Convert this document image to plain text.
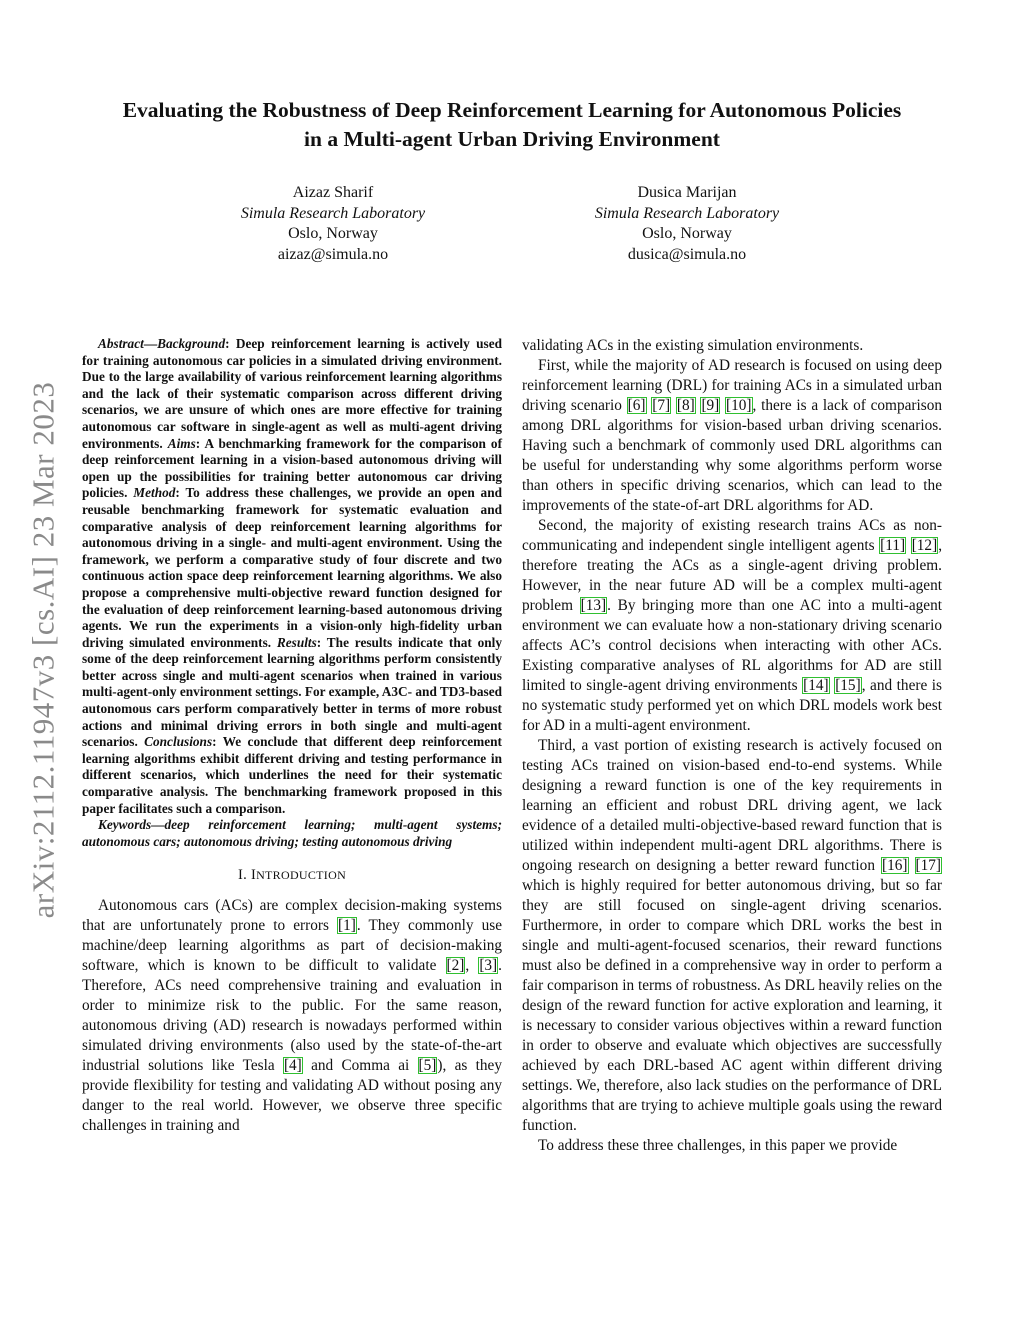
arXiv:2112.11947v3 [cs.AI] 23 Mar 2023
Evaluating the Robustness of Deep Reinforcement Learning for Autonomous Policies
in a Multi-agent Urban Driving Environment
Aizaz Sharif
Simula Research Laboratory
Oslo, Norway
aizaz@simula.no
Dusica Marijan
Simula Research Laboratory
Oslo, Norway
dusica@simula.no

Abstract—Background: Deep reinforcement learning is actively used for training autonomous car policies in a simulated driving environment. Due to the large availability of various reinforcement learning algorithms and the lack of their systematic comparison across different driving scenarios, we are unsure of which ones are more effective for training autonomous car software in single-agent as well as multi-agent driving environments. Aims: A benchmarking framework for the comparison of deep reinforcement learning in a vision-based autonomous driving will open up the possibilities for training better autonomous car driving policies. Method: To address these challenges, we provide an open and reusable benchmarking framework for systematic evaluation and comparative analysis of deep reinforcement learning algorithms for autonomous driving in a single- and multi-agent environment. Using the framework, we perform a comparative study of four discrete and two continuous action space deep reinforcement learning algorithms. We also propose a comprehensive multi-objective reward function designed for the evaluation of deep reinforcement learning-based autonomous driving agents. We run the experiments in a vision-only high-fidelity urban driving simulated environments. Results: The results indicate that only some of the deep reinforcement learning algorithms perform consistently better across single and multi-agent scenarios when trained in various multi-agent-only environment settings. For example, A3C- and TD3-based autonomous cars perform comparatively better in terms of more robust actions and minimal driving errors in both single and multi-agent scenarios. Conclusions: We conclude that different deep reinforcement learning algorithms exhibit different driving and testing performance in different scenarios, which underlines the need for their systematic comparative analysis. The benchmarking framework proposed in this paper facilitates such a comparison.

Keywords—deep reinforcement learning; multi-agent systems; autonomous cars; autonomous driving; testing autonomous driving

I. INTRODUCTION

Autonomous cars (ACs) are complex decision-making systems that are unfortunately prone to errors [1]. They commonly use machine/deep learning algorithms as part of decision-making software, which is known to be difficult to validate [2], [3]. Therefore, ACs need comprehensive training and evaluation in order to minimize risk to the public. For the same reason, autonomous driving (AD) research is nowadays performed within simulated driving environments (also used by the state-of-the-art industrial solutions like Tesla [4] and Comma ai [5]), as they provide flexibility for testing and validating AD without posing any danger to the real world. However, we observe three specific challenges in training and

validating ACs in the existing simulation environments.

First, while the majority of AD research is focused on using deep reinforcement learning (DRL) for training ACs in a simulated urban driving scenario [6] [7] [8] [9] [10], there is a lack of comparison among DRL algorithms for vision-based urban driving scenarios. Having such a benchmark of commonly used DRL algorithms can be useful for understanding why some algorithms perform worse than others in specific driving scenarios, which can lead to the improvements of the state-of-art DRL algorithms for AD.

Second, the majority of existing research trains ACs as non-communicating and independent single intelligent agents [11] [12], therefore treating the ACs as a single-agent driving problem. However, in the near future AD will be a complex multi-agent problem [13]. By bringing more than one AC into a multi-agent environment we can evaluate how a non-stationary driving scenario affects AC’s control decisions when interacting with other ACs. Existing comparative analyses of RL algorithms for AD are still limited to single-agent driving environments [14] [15], and there is no systematic study performed yet on which DRL models work best for AD in a multi-agent environment.

Third, a vast portion of existing research is actively focused on testing ACs trained on vision-based end-to-end systems. While designing a reward function is one of the key requirements in learning an efficient and robust DRL driving agent, we lack evidence of a detailed multi-objective-based reward function that is utilized within independent multi-agent DRL algorithms. There is ongoing research on designing a better reward function [16] [17] which is highly required for better autonomous driving, but so far they are still focused on single-agent driving scenarios. Furthermore, in order to compare which DRL works the best in single and multi-agent-focused scenarios, their reward functions must also be defined in a comprehensive way in order to perform a fair comparison in terms of robustness. As DRL heavily relies on the design of the reward function for active exploration and learning, it is necessary to consider various objectives within a reward function in order to observe and evaluate which objectives are successfully achieved by each DRL-based AC agent within different driving settings. We, therefore, also lack studies on the performance of DRL algorithms that are trying to achieve multiple goals using the reward function.

To address these three challenges, in this paper we provide
